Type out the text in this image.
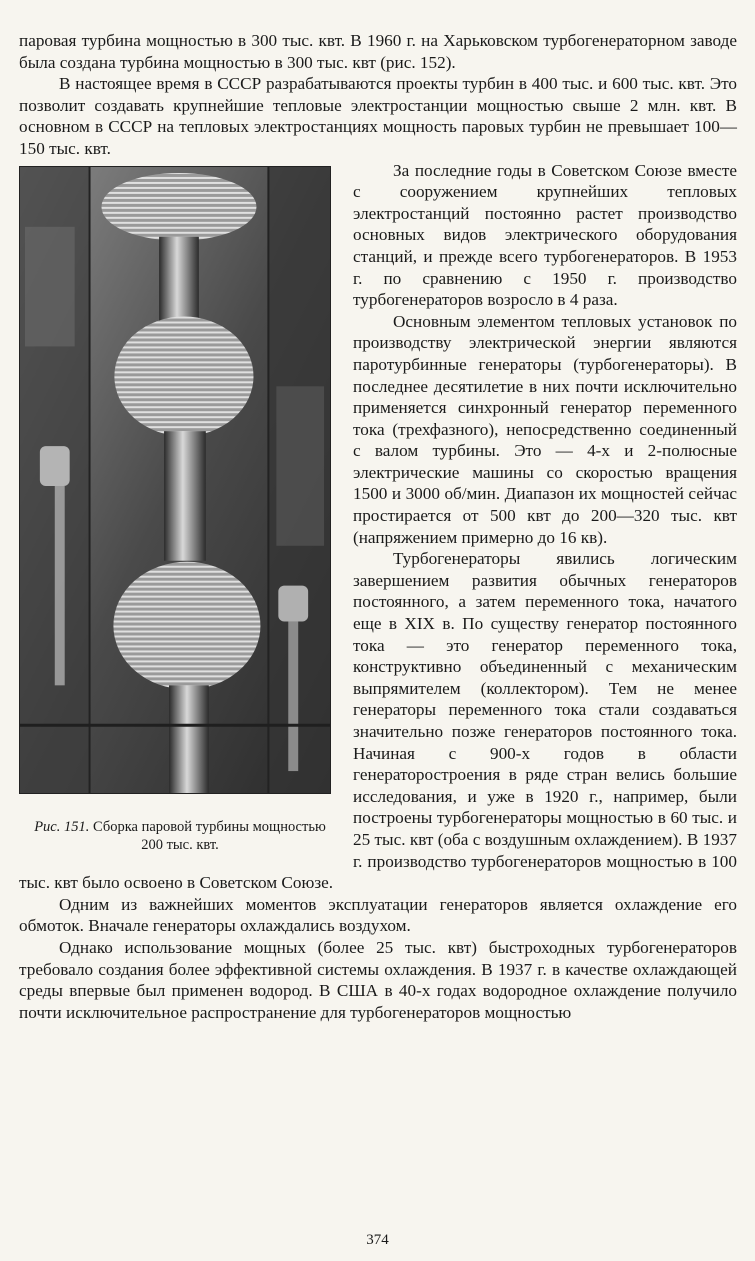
паровая турбина мощностью в 300 тыс. квт. В 1960 г. на Харьковском турбогенераторном заводе была создана турбина мощностью в 300 тыс. квт (рис. 152).

В настоящее время в СССР разрабатываются проекты турбин в 400 тыс. и 600 тыс. квт. Это позволит создавать крупнейшие тепловые электростанции мощностью свыше 2 млн. квт. В основном в СССР на тепловых электростанциях мощность паровых турбин не превышает 100—150 тыс. квт.

Рис. 151. Сборка паровой турбины мощностью 200 тыс. квт.

За последние годы в Советском Союзе вместе с сооружением крупнейших тепловых электростанций постоянно растет производство основных видов электрического оборудования станций, и прежде всего турбогенераторов. В 1953 г. по сравнению с 1950 г. производство турбогенераторов возросло в 4 раза.

Основным элементом тепловых установок по производству электрической энергии являются паротурбинные генераторы (турбогенераторы). В последнее десятилетие в них почти исключительно применяется синхронный генератор переменного тока (трехфазного), непосредственно соединенный с валом турбины. Это — 4-х и 2-полюсные электрические машины со скоростью вращения 1500 и 3000 об/мин. Диапазон их мощностей сейчас простирается от 500 квт до 200—320 тыс. квт (напряжением примерно до 16 кв).

Турбогенераторы явились логическим завершением развития обычных генераторов постоянного, а затем переменного тока, начатого еще в XIX в. По существу генератор постоянного тока — это генератор переменного тока, конструктивно объединенный с механическим выпрямителем (коллектором). Тем не менее генераторы переменного тока стали создаваться значительно позже генераторов постоянного тока. Начиная с 900-х годов в области генераторостроения в ряде стран велись большие исследования, и уже в 1920 г., например, были построены турбогенераторы мощностью в 60 тыс. и 25 тыс. квт (оба с воздушным охлаждением). В 1937 г. производство турбогенераторов мощностью в 100 тыс. квт было освоено в Советском Союзе.

Одним из важнейших моментов эксплуатации генераторов является охлаждение его обмоток. Вначале генераторы охлаждались воздухом.

Однако использование мощных (более 25 тыс. квт) быстроходных турбогенераторов требовало создания более эффективной системы охлаждения. В 1937 г. в качестве охлаждающей среды впервые был применен водород. В США в 40-х годах водородное охлаждение получило почти исключительное распространение для турбогенераторов мощностью

374
